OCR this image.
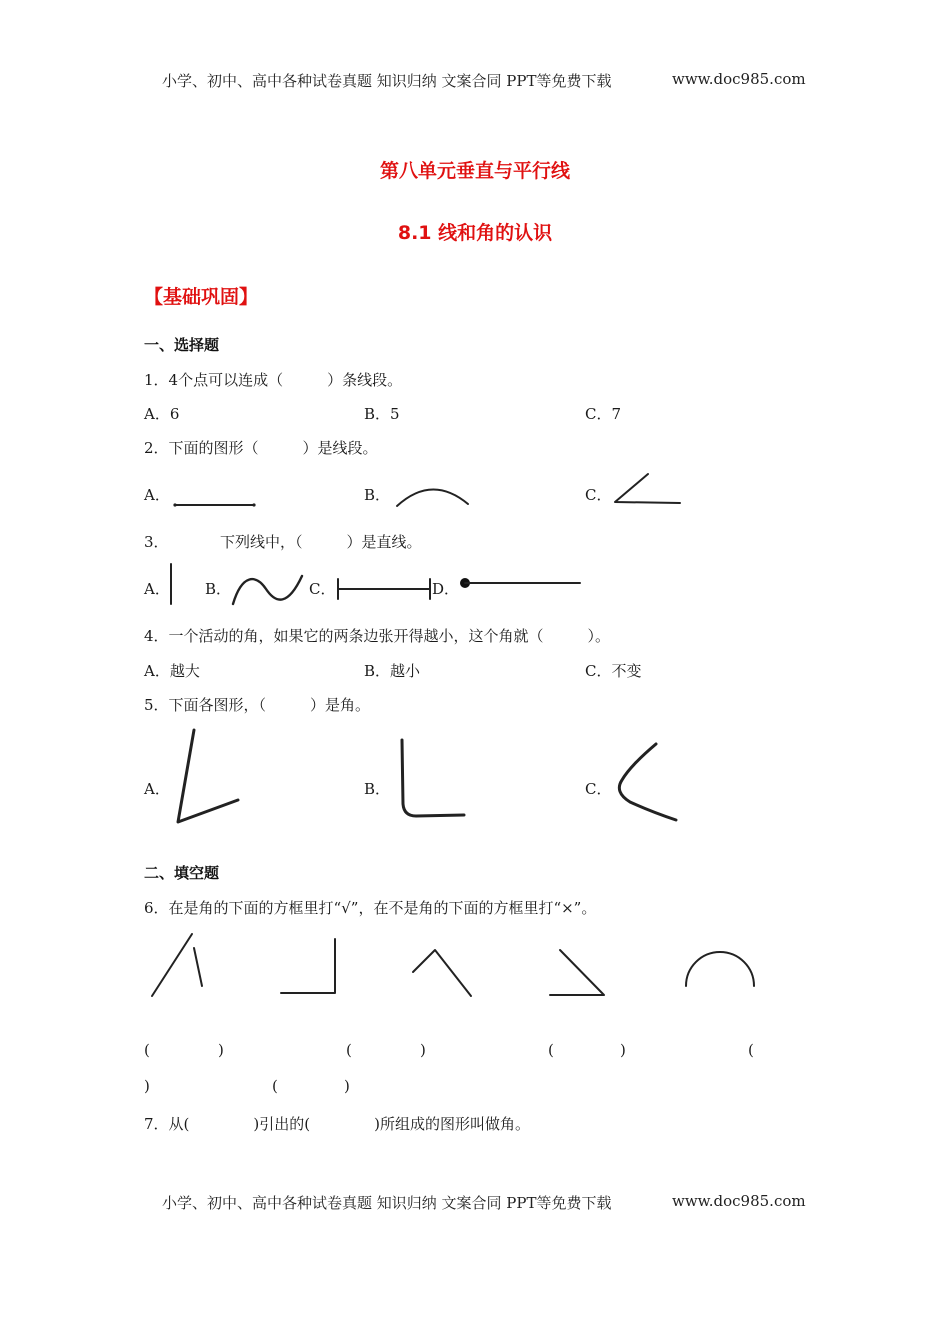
小学、初中、高中各种试卷真题 知识归纳 文案合同 PPT等免费下载	www.doc985.com
第八单元垂直与平行线
8.1 线和角的认识
【基础巩固】
一、选择题
1．4个点可以连成（	）条线段。
A．6	B．5	C．7
2．下面的图形（	）是线段。
A．	B．	C．
3．	下列线中，（	）是直线。
A． B．	C．	D．
4．一个活动的角，如果它的两条边张开得越小，这个角就（	）。
A．越大	B．越小	C．不变
5．下面各图形，（	）是角。
A．	B．	C．
二、填空题
6．在是角的下面的方框里打“√”，在不是角的下面的方框里打“×”。
(	)	(	)	(	)	(
)	(	)
7．从(	)引出的(	)所组成的图形叫做角。
小学、初中、高中各种试卷真题 知识归纳 文案合同 PPT等免费下载	www.doc985.com
